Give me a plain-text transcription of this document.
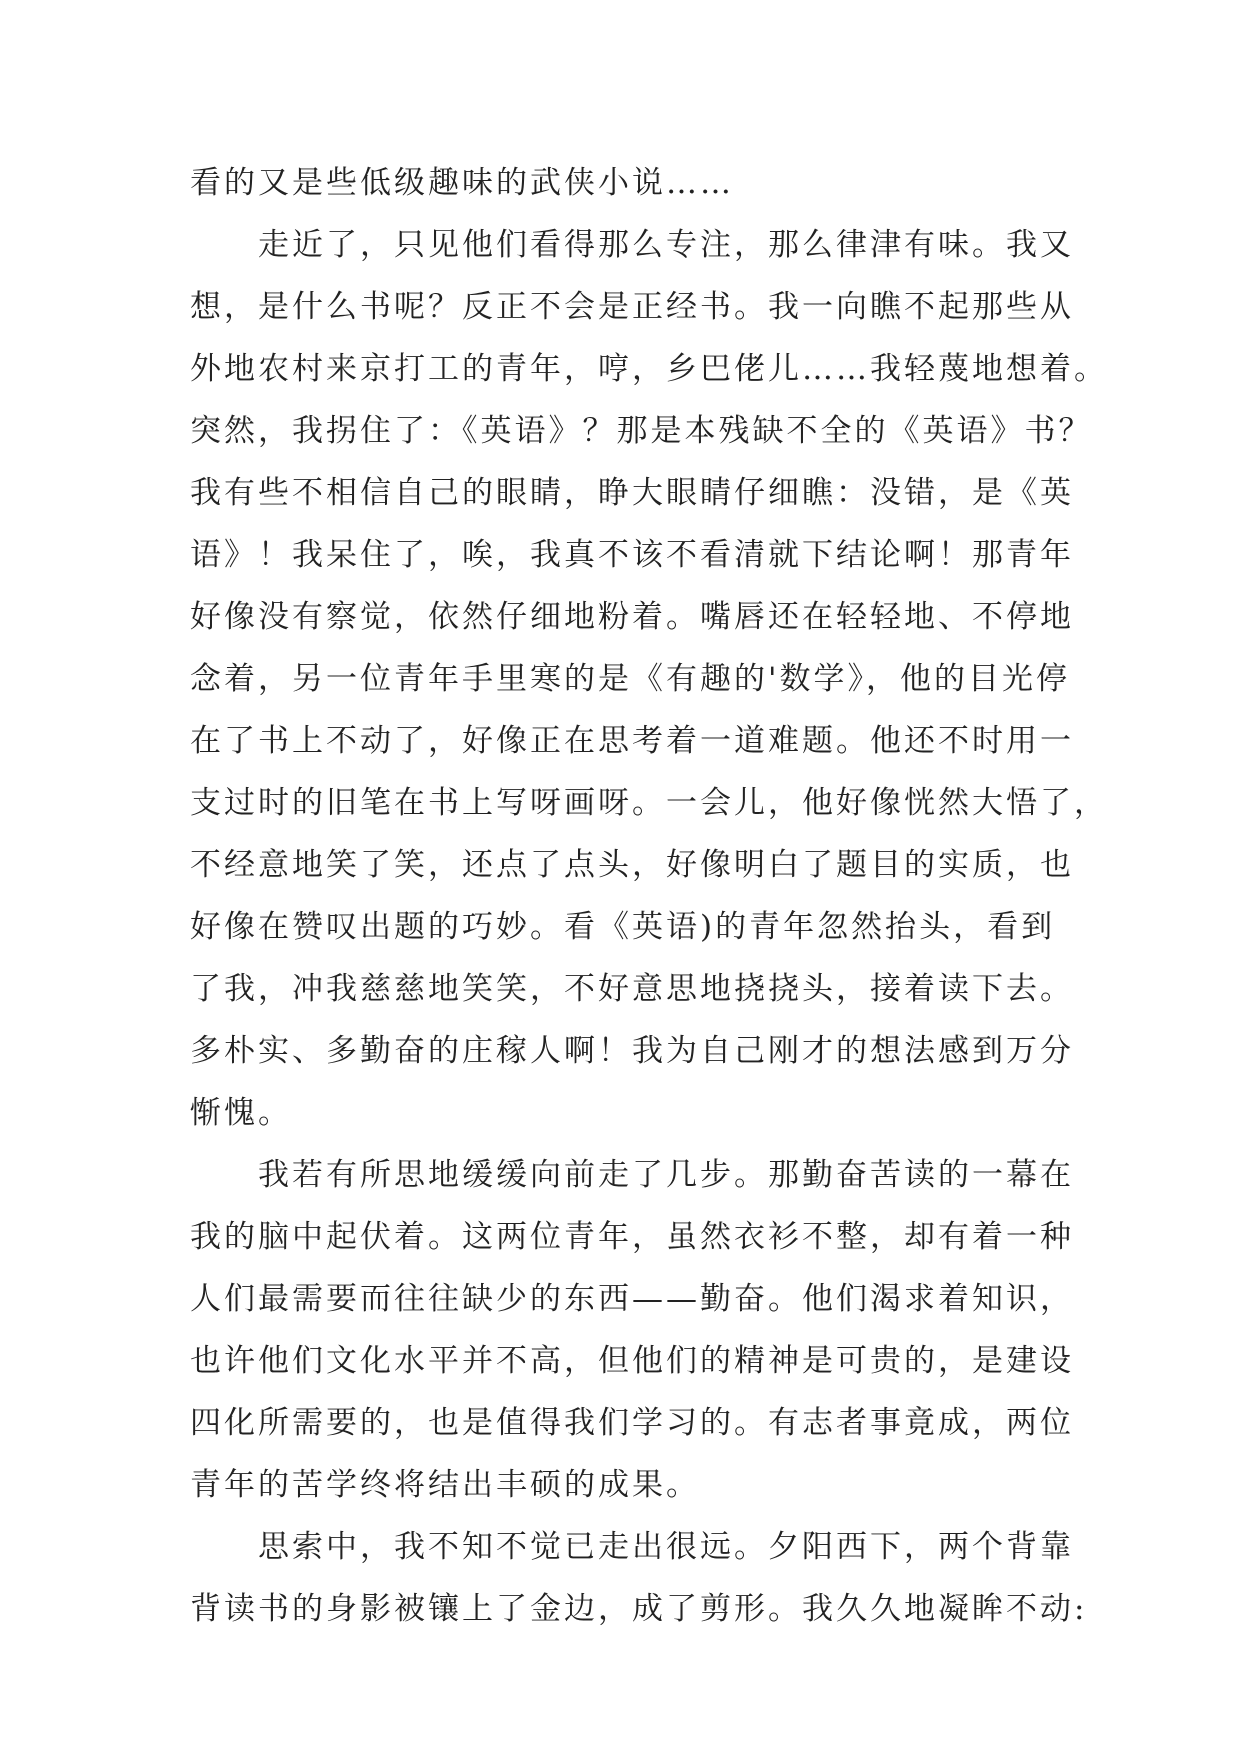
看的又是些低级趣味的武侠小说……
走近了，只见他们看得那么专注，那么律津有味。我又
想，是什么书呢？反正不会是正经书。我一向瞧不起那些从
外地农村来京打工的青年，哼，乡巴佬儿……我轻蔑地想着。
突然，我拐住了：《英语》？那是本残缺不全的《英语》书？
我有些不相信自己的眼睛，睁大眼睛仔细瞧：没错，是《英
语》！我呆住了，唉，我真不该不看清就下结论啊！那青年
好像没有察觉，依然仔细地粉着。嘴唇还在轻轻地、不停地
念着，另一位青年手里寒的是《有趣的'数学》，他的目光停
在了书上不动了，好像正在思考着一道难题。他还不时用一
支过时的旧笔在书上写呀画呀。一会儿，他好像恍然大悟了，
不经意地笑了笑，还点了点头，好像明白了题目的实质，也
好像在赞叹出题的巧妙。看《英语)的青年忽然抬头，看到
了我，冲我慈慈地笑笑，不好意思地挠挠头，接着读下去。
多朴实、多勤奋的庄稼人啊！我为自己刚才的想法感到万分
惭愧。
我若有所思地缓缓向前走了几步。那勤奋苦读的一幕在
我的脑中起伏着。这两位青年，虽然衣衫不整，却有着一种
人们最需要而往往缺少的东西——勤奋。他们渴求着知识，
也许他们文化水平并不高，但他们的精神是可贵的，是建设
四化所需要的，也是值得我们学习的。有志者事竟成，两位
青年的苦学终将结出丰硕的成果。
思索中，我不知不觉已走出很远。夕阳西下，两个背靠
背读书的身影被镶上了金边，成了剪形。我久久地凝眸不动:
